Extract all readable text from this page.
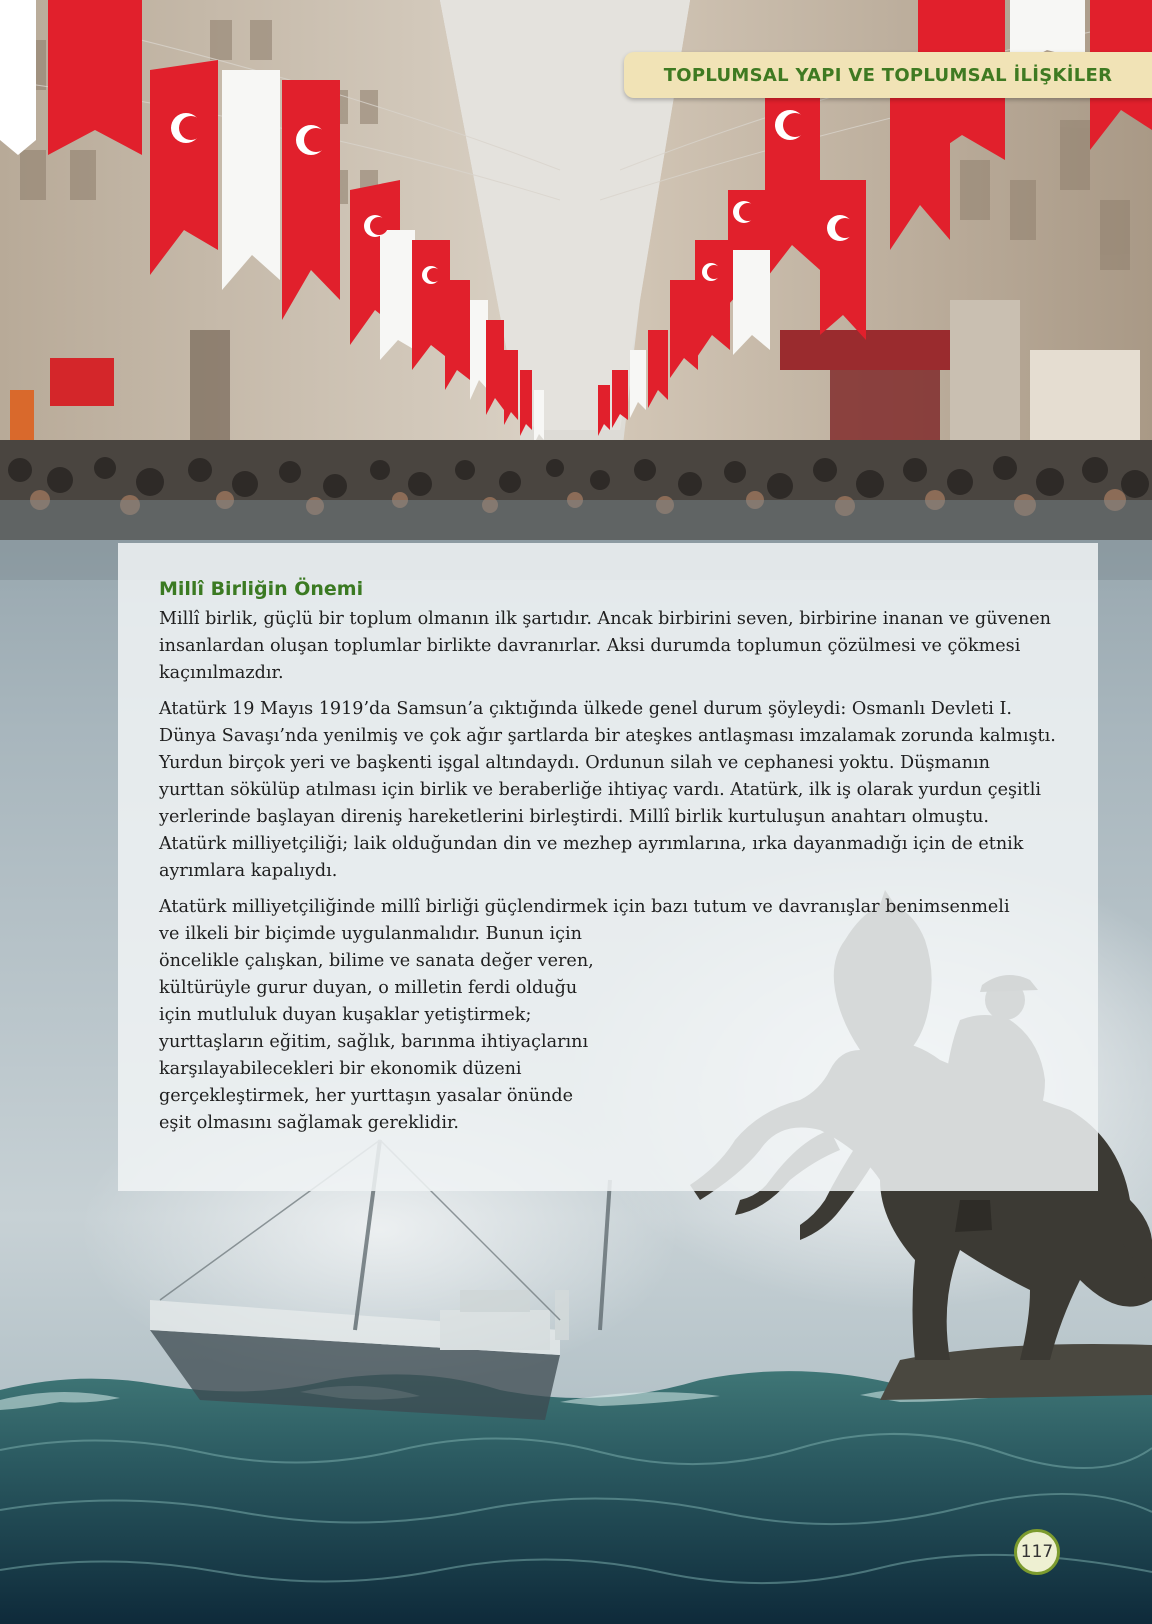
TOPLUMSAL YAPI VE TOPLUMSAL İLİŞKİLER
Millî Birliğin Önemi

Millî birlik, güçlü bir toplum olmanın ilk şartıdır. Ancak birbirini seven, birbirine inanan ve güvenen insanlardan oluşan toplumlar birlikte davranırlar. Aksi durumda toplumun çözülmesi ve çökmesi kaçınılmazdır.

Atatürk 19 Mayıs 1919’da Samsun’a çıktığında ülkede genel durum şöyleydi: Osmanlı Devleti I. Dünya Savaşı’nda yenilmiş ve çok ağır şartlarda bir ateşkes antlaşması imzalamak zorunda kalmıştı. Yurdun birçok yeri ve başkenti işgal altındaydı. Ordunun silah ve cephanesi yoktu. Düşmanın yurttan sökülüp atılması için birlik ve beraberliğe ihtiyaç vardı. Atatürk, ilk iş olarak yurdun çeşitli yerlerinde başlayan direniş hareketlerini birleştirdi. Millî birlik kurtuluşun anahtarı olmuştu. Atatürk milliyetçiliği; laik olduğundan din ve mezhep ayrımlarına, ırka dayanmadığı için de etnik ayrımlara kapalıydı.

Atatürk milliyetçiliğinde millî birliği güçlendirmek için bazı tutum ve davranışlar benimsenmeli

ve ilkeli bir biçimde uygulanmalıdır. Bunun için öncelikle çalışkan, bilime ve sanata değer veren, kültürüyle gurur duyan, o milletin ferdi olduğu için mutluluk duyan kuşaklar yetiştirmek; yurttaşların eğitim, sağlık, barınma ihtiyaçlarını karşılayabilecekleri bir ekonomik düzeni gerçekleştirmek, her yurttaşın yasalar önünde eşit olmasını sağlamak gereklidir.

117
